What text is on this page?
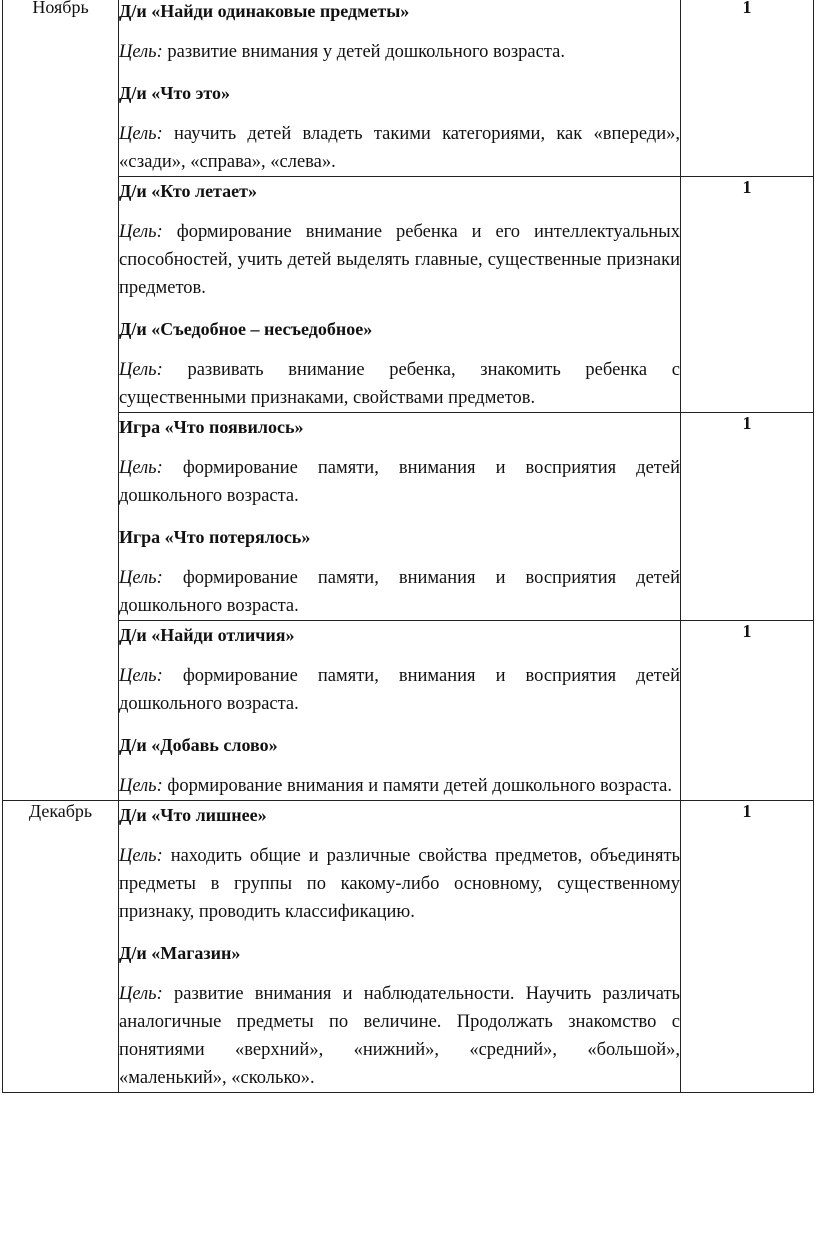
Ноябрь	Д/и «Найди одинаковые предметы»

Цель: развитие внимания у детей дошкольного возраста.

Д/и «Что это»

Цель: научить детей владеть такими категориями, как «впереди», «сзади», «справа», «слева».	1

	Д/и «Кто летает»

Цель: формирование внимание ребенка и его интеллектуальных способностей, учить детей выделять главные, существенные признаки предметов.

Д/и «Съедобное – несъедобное»

Цель: развивать внимание ребенка, знакомить ребенка с существенными признаками, свойствами предметов.	1

	Игра «Что появилось»

Цель: формирование памяти, внимания и восприятия детей дошкольного возраста.

Игра «Что потерялось»

Цель: формирование памяти, внимания и восприятия детей дошкольного возраста.	1

	Д/и «Найди отличия»

Цель: формирование памяти, внимания и восприятия детей дошкольного возраста.

Д/и «Добавь слово»

Цель: формирование внимания и памяти детей дошкольного возраста.	1
Декабрь	Д/и «Что лишнее»

Цель: находить общие и различные свойства предметов, объединять предметы в группы по какому-либо основному, существенному признаку, проводить классификацию.

Д/и «Магазин»

Цель: развитие внимания и наблюдательности. Научить различать аналогичные предметы по величине. Продолжать знакомство с понятиями «верхний», «нижний», «средний», «большой», «маленький», «сколько».	1
